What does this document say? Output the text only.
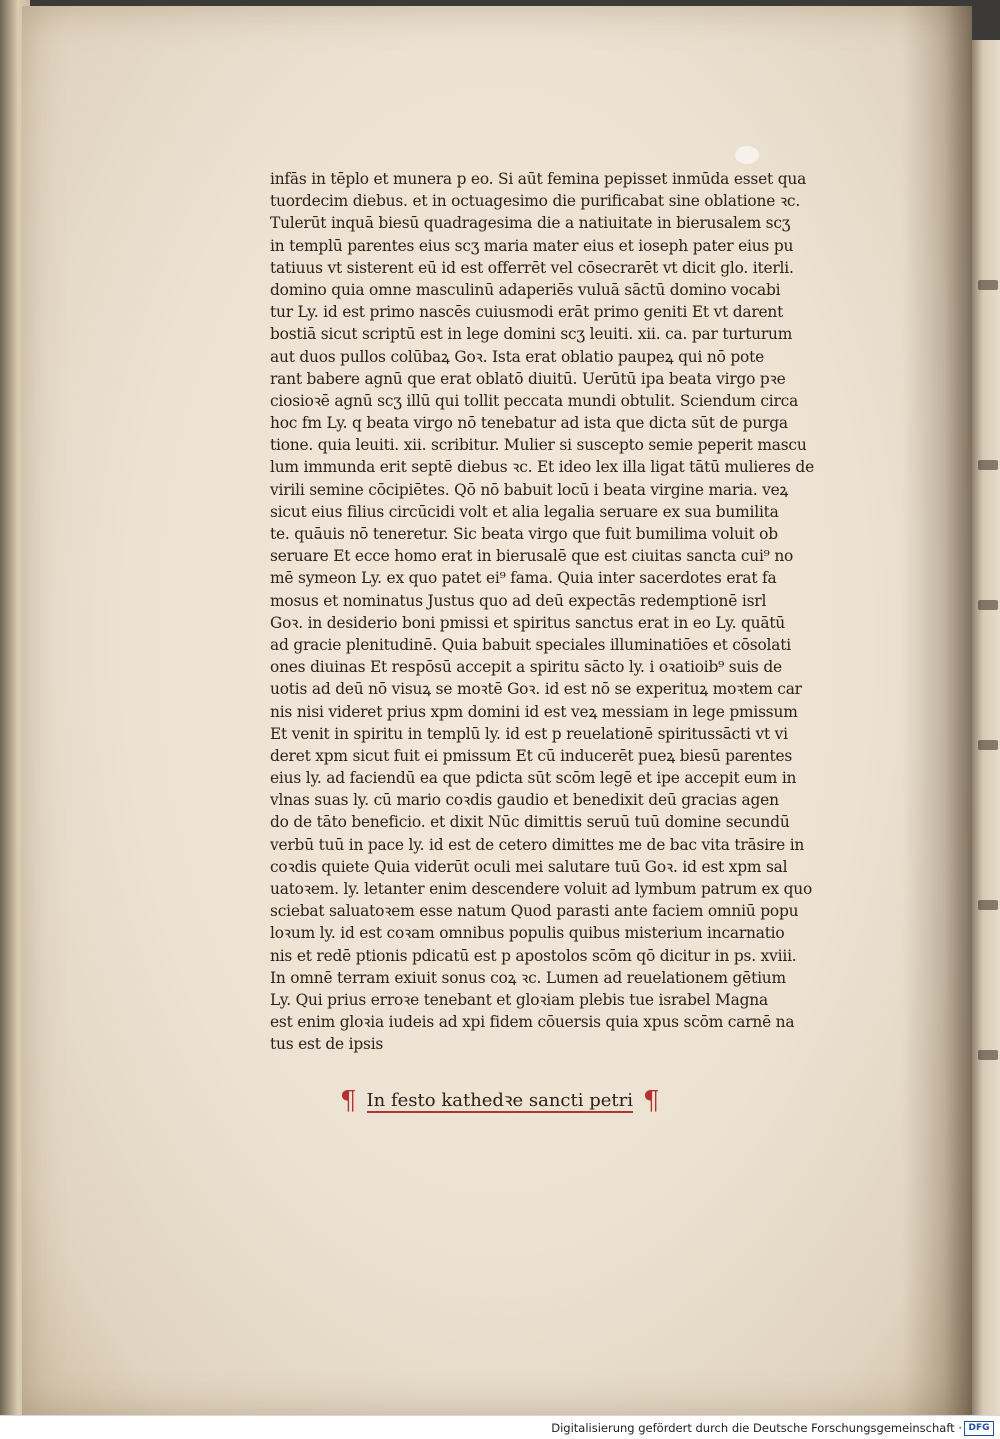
infās in tēplo et munera p eo. Si aūt femina pepisset inmūda esset qua
tuordecim diebus. et in octuagesimo die purificabat sine oblatione ꝛc.
Tulerūt inquā biesū quadragesima die a natiuitate in bierusalem scʒ
in templū parentes eius scʒ maria mater eius et ioseph pater eius pu
tatiuus vt sisterent eū id est offerrēt vel cōsecrarēt vt dicit glo. iterli.
domino quia omne masculinū adaperiēs vuluā sāctū domino vocabi
tur Ly. id est primo nascēs cuiusmodi erāt primo geniti Et vt darent
bostiā sicut scriptū est in lege domini scʒ leuiti. xii. ca. par turturum
aut duos pullos colūbaꝝ Goꝛ. Ista erat oblatio paupeꝝ qui nō pote
rant babere agnū que erat oblatō diuitū. Uerūtū ipa beata virgo pꝛe
ciosioꝛē agnū scʒ illū qui tollit peccata mundi obtulit. Sciendum circa
hoc fm Ly. q beata virgo nō tenebatur ad ista que dicta sūt de purga
tione. quia leuiti. xii. scribitur. Mulier si suscepto semie peperit mascu
lum immunda erit septē diebus ꝛc. Et ideo lex illa ligat tātū mulieres de
virili semine cōcipiētes. Qō nō babuit locū i beata virgine maria. veꝝ
sicut eius filius circūcidi volt et alia legalia seruare ex sua bumilita
te. quāuis nō teneretur. Sic beata virgo que fuit bumilima voluit ob
seruare Et ecce homo erat in bierusalē que est ciuitas sancta cui⁹ no
mē symeon Ly. ex quo patet ei⁹ fama. Quia inter sacerdotes erat fa
mosus et nominatus Justus quo ad deū expectās redemptionē isrl
Goꝛ. in desiderio boni pmissi et spiritus sanctus erat in eo Ly. quātū
ad gracie plenitudinē. Quia babuit speciales illuminatiōes et cōsolati
ones diuinas Et respōsū accepit a spiritu sācto ly. i oꝛatioib⁹ suis de
uotis ad deū nō visuꝝ se moꝛtē Goꝛ. id est nō se experituꝝ moꝛtem car
nis nisi videret prius xpm domini id est veꝝ messiam in lege pmissum
Et venit in spiritu in templū ly. id est p reuelationē spiritussācti vt vi
deret xpm sicut fuit ei pmissum Et cū inducerēt pueꝝ biesū parentes
eius ly. ad faciendū ea que pdicta sūt scōm legē et ipe accepit eum in
vlnas suas ly. cū mario coꝛdis gaudio et benedixit deū gracias agen
do de tāto beneficio. et dixit Nūc dimittis seruū tuū domine secundū
verbū tuū in pace ly. id est de cetero dimittes me de bac vita trāsire in
coꝛdis quiete Quia viderūt oculi mei salutare tuū Goꝛ. id est xpm sal
uatoꝛem. ly. letanter enim descendere voluit ad lymbum patrum ex quo
sciebat saluatoꝛem esse natum Quod parasti ante faciem omniū popu
loꝛum ly. id est coꝛam omnibus populis quibus misterium incarnatio
nis et redē ptionis pdicatū est p apostolos scōm qō dicitur in ps. xviii.
In omnē terram exiuit sonus coꝝ ꝛc. Lumen ad reuelationem gētium
Ly. Qui prius erroꝛe tenebant et gloꝛiam plebis tue israbel Magna
est enim gloꝛia iudeis ad xpi fidem cōuersis quia xpus scōm carnē na
tus est de ipsis
¶ In festo kathedꝛe sancti petri ¶
Digitalisierung gefördert durch die Deutsche Forschungsgemeinschaft · DFG
